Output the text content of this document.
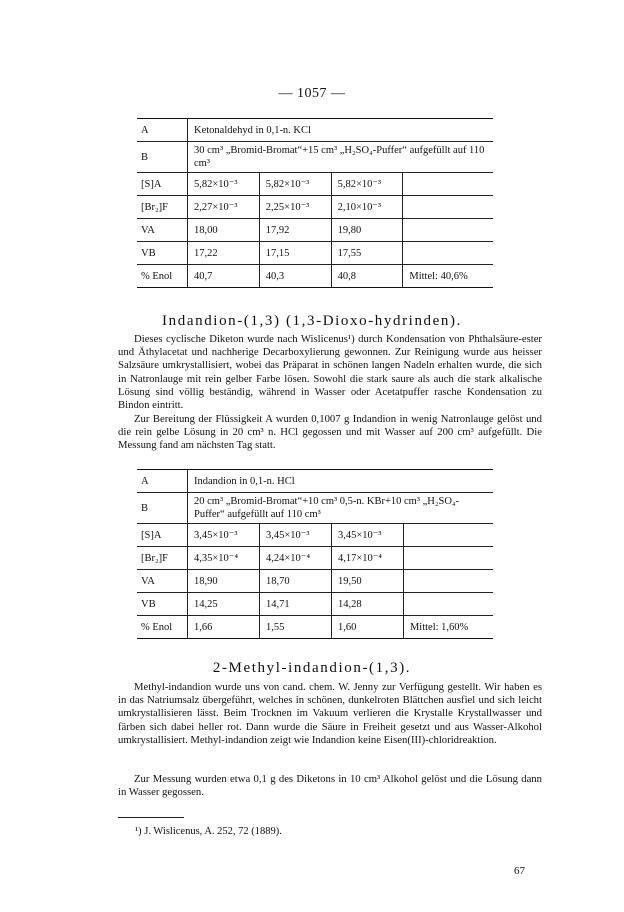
— 1057 —
A	Ketonaldehyd in 0,1-n. KCl			
B	30 cm³ „Bromid-Bromat“+15 cm³ „H₂SO₄-Puffer“ aufgefüllt auf 110 cm³			
[S]A	5,82×10⁻³	5,82×10⁻³	5,82×10⁻³	
[Br₂]F	2,27×10⁻³	2,25×10⁻³	2,10×10⁻³	
VA	18,00	17,92	19,80	
VB	17,22	17,15	17,55	
% Enol	40,7	40,3	40,8	Mittel: 40,6%
Indandion-(1,3) (1,3-Dioxo-hydrinden).

Dieses cyclische Diketon wurde nach Wislicenus¹) durch Kondensation von Phthalsäure-ester und Äthylacetat und nachherige Decarboxylierung gewonnen. Zur Reinigung wurde aus heisser Salzsäure umkrystallisiert, wobei das Präparat in schönen langen Nadeln erhalten wurde, die sich in Natronlauge mit rein gelber Farbe lösen. Sowohl die stark saure als auch die stark alkalische Lösung sind völlig beständig, während in Wasser oder Acetatpuffer rasche Kondensation zu Bindon eintritt.

Zur Bereitung der Flüssigkeit A wurden 0,1007 g Indandion in wenig Natronlauge gelöst und die rein gelbe Lösung in 20 cm³ n. HCl gegossen und mit Wasser auf 200 cm³ aufgefüllt. Die Messung fand am nächsten Tag statt.

A	Indandion in 0,1-n. HCl			
B	20 cm³ „Bromid-Bromat“+10 cm³ 0,5-n. KBr+10 cm³ „H₂SO₄-Puffer“ aufgefüllt auf 110 cm³			
[S]A	3,45×10⁻³	3,45×10⁻³	3,45×10⁻³	
[Br₂]F	4,35×10⁻⁴	4,24×10⁻⁴	4,17×10⁻⁴	
VA	18,90	18,70	19,50	
VB	14,25	14,71	14,28	
% Enol	1,66	1,55	1,60	Mittel: 1,60%
2-Methyl-indandion-(1,3).

Methyl-indandion wurde uns von cand. chem. W. Jenny zur Verfügung gestellt. Wir haben es in das Natriumsalz übergeführt, welches in schönen, dunkelroten Blättchen ausfiel und sich leicht umkrystallisieren lässt. Beim Trocknen im Vakuum verlieren die Krystalle Krystallwasser und färben sich dabei heller rot. Dann wurde die Säure in Freiheit gesetzt und aus Wasser-Alkohol umkrystallisiert. Methyl-indandion zeigt wie Indandion keine Eisen(III)-chloridreaktion.

Zur Messung wurden etwa 0,1 g des Diketons in 10 cm³ Alkohol gelöst und die Lösung dann in Wasser gegossen.

¹) J. Wislicenus, A. 252, 72 (1889).
67
